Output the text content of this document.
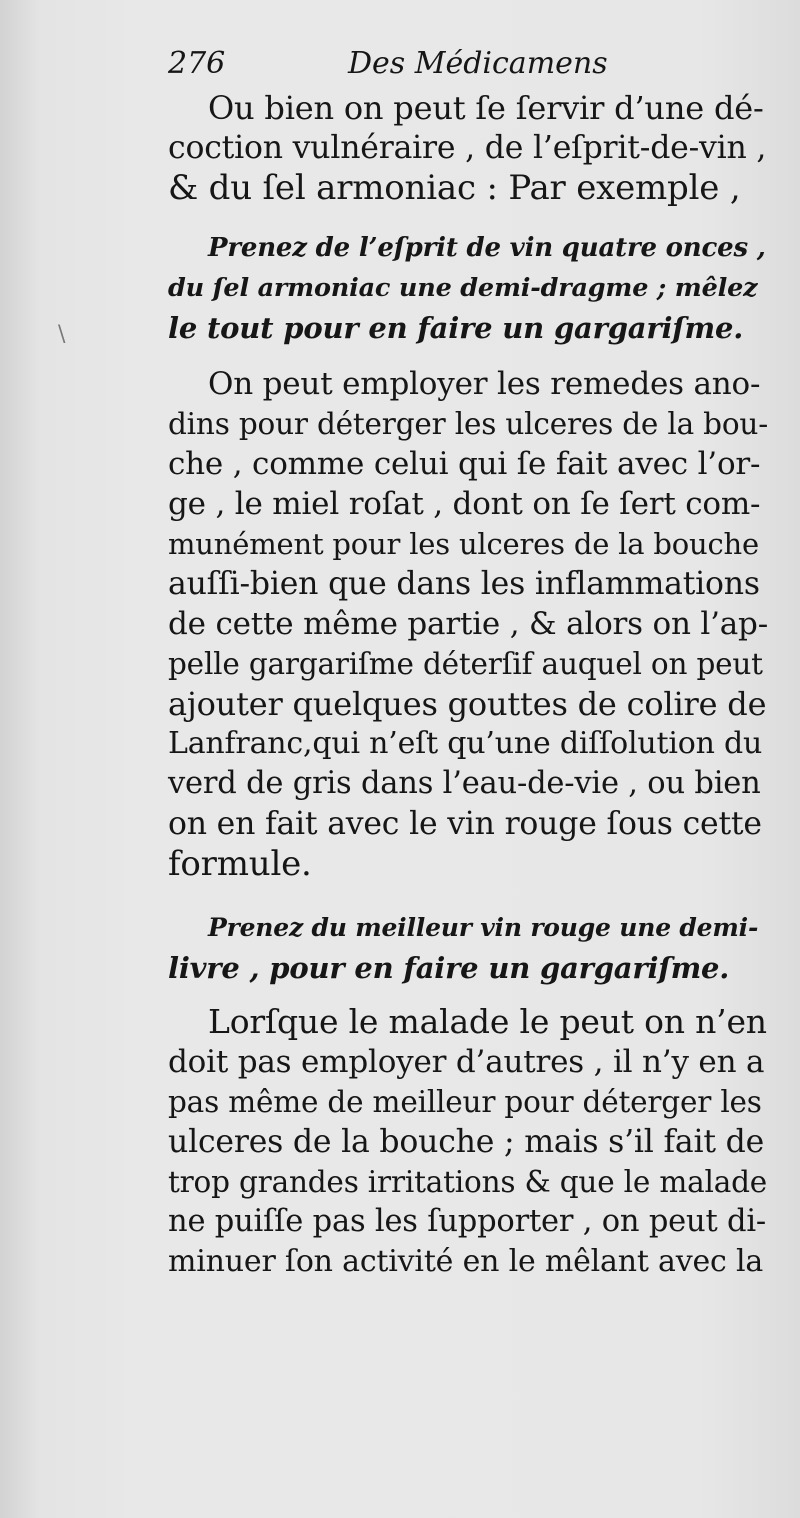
276	Des Médicamens
\
Ou bien on peut ſe ſervir d’une dé-
coction vulnéraire , de l’eſprit-de-vin ,
& du ſel armoniac : Par exemple ,
Prenez de l’eſprit de vin quatre onces ,
du ſel armoniac une demi-dragme ; mêlez
le tout pour en faire un gargariſme.
On peut employer les remedes ano-
dins pour déterger les ulceres de la bou-
che , comme celui qui ſe fait avec l’or-
ge , le miel roſat , dont on ſe ſert com-
munément pour les ulceres de la bouche
auſſi-bien que dans les inflammations
de cette même partie , & alors on l’ap-
pelle gargariſme déterſif auquel on peut
ajouter quelques gouttes de colire de
Lanfranc,qui n’eſt qu’une diſſolution du
verd de gris dans l’eau-de-vie , ou bien
on en fait avec le vin rouge ſous cette
formule.
Prenez du meilleur vin rouge une demi-
livre , pour en faire un gargariſme.
Lorſque le malade le peut on n’en
doit pas employer d’autres , il n’y en a
pas même de meilleur pour déterger les
ulceres de la bouche ; mais s’il fait de
trop grandes irritations & que le malade
ne puiſſe pas les ſupporter , on peut di-
minuer ſon activité en le mêlant avec la
